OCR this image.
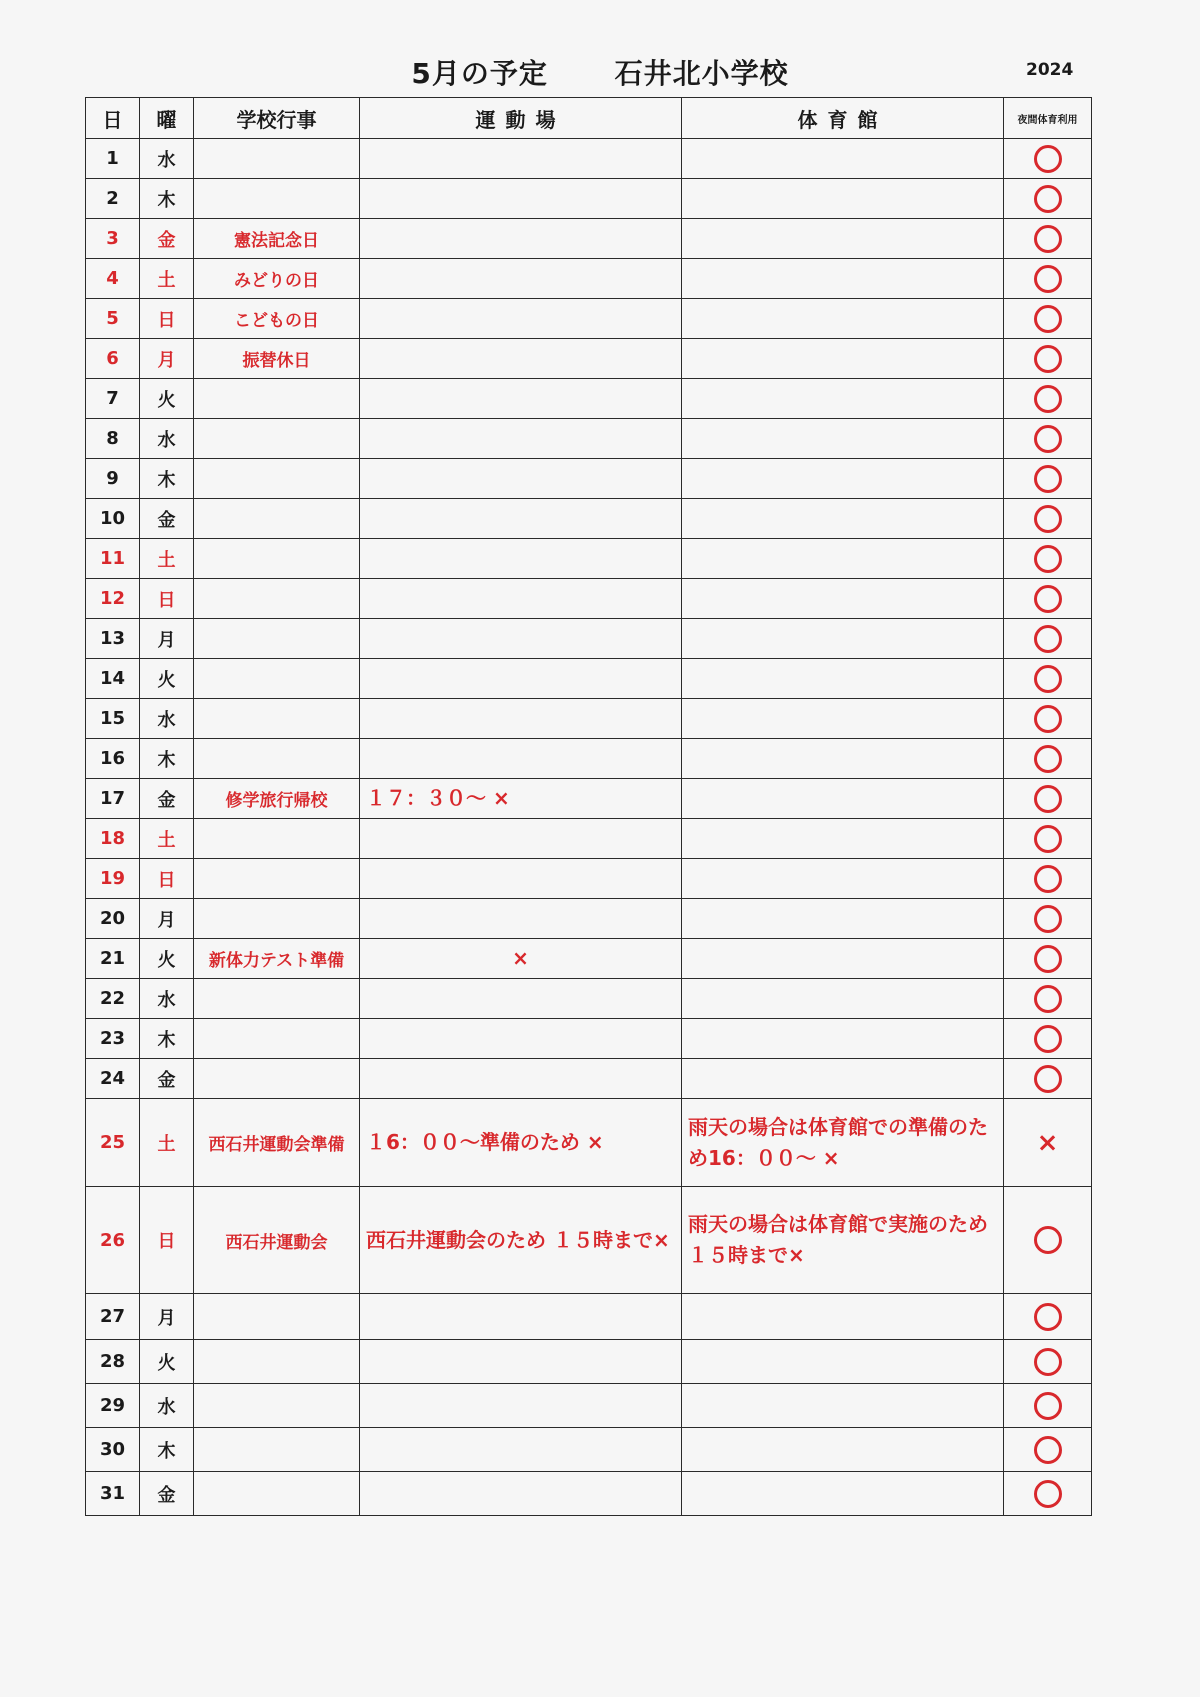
5月の予定 石井北小学校	2024
日	曜	学校行事	運動場	体育館	夜間体育利用
1	水				
2	木				
3	金	憲法記念日			
4	土	みどりの日			
5	日	こどもの日			
6	月	振替休日			
7	火				
8	水				
9	木				
10	金				
11	土				
12	日				
13	月				
14	火				
15	水				
16	木				
17	金	修学旅行帰校	１７：３０～ ×		
18	土				
19	日				
20	月				
21	火	新体力テスト準備	×		
22	水				
23	木				
24	金				
25	土	西石井運動会準備	１6：００～準備のため ×	雨天の場合は体育館での準備のため16：００～ ×	×
26	日	西石井運動会	西石井運動会のため １５時まで×	雨天の場合は体育館で実施のため １５時まで×	
27	月				
28	火				
29	水				
30	木				
31	金				
